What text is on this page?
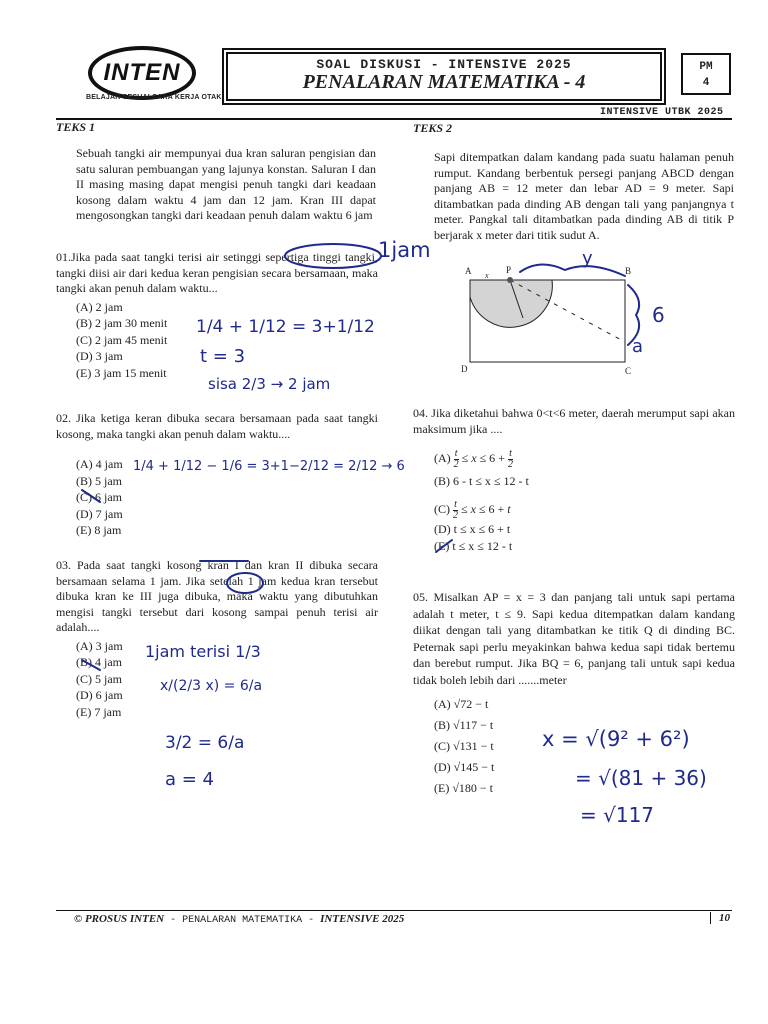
INTEN
BELAJAR SESUAI CARA KERJA OTAK
SOAL DISKUSI - INTENSIVE 2025
PENALARAN MATEMATIKA - 4
PM
4
INTENSIVE UTBK 2025
TEKS 1

Sebuah tangki air mempunyai dua kran saluran pengisian dan satu saluran pembuangan yang lajunya konstan. Saluran I dan II masing masing dapat mengisi penuh tangki dari keadaan kosong dalam waktu 4 jam dan 12 jam. Kran III dapat mengosongkan tangki dari keadaan penuh dalam waktu 6 jam

01.Jika pada saat tangki terisi air setinggi sepertiga tinggi tangki, tangki diisi air dari kedua keran pengisian secara bersamaan, maka tangki akan penuh dalam waktu...
(A) 2 jam
(B) 2 jam 30 menit
(C) 2 jam 45 menit
(D) 3 jam
(E) 3 jam 15 menit
02. Jika ketiga keran dibuka secara bersamaan pada saat tangki kosong, maka tangki akan penuh dalam waktu....
(A) 4 jam
(B) 5 jam
(C) 6 jam
(D) 7 jam
(E) 8 jam
03. Pada saat tangki kosong kran I dan kran II dibuka secara bersamaan selama 1 jam. Jika setelah 1 jam kedua kran tersebut dibuka kran ke III juga dibuka, maka waktu yang dibutuhkan mengisi tangki tersebut dari kosong sampai penuh terisi air adalah....
(A) 3 jam
(B) 4 jam
(C) 5 jam
(D) 6 jam
(E) 7 jam
TEKS 2

Sapi ditempatkan dalam kandang pada suatu halaman penuh rumput. Kandang berbentuk persegi panjang ABCD dengan panjang AB = 12 meter dan lebar AD = 9 meter. Sapi ditambatkan pada dinding AB dengan tali yang panjangnya t meter. Pangkal tali ditambatkan pada dinding AB di titik P berjarak x meter dari titik sudut A.

A x
P	B
D	C
04. Jika diketahui bahwa 0<t<6 meter, daerah merumput sapi akan maksimum jika ....
$(A) \frac{t}{2} \le x \le 6 + \frac{t}{2}$
(B) 6 - t ≤ x ≤ 12 - t
$(C) \frac{t}{2} \le x \le 6 + t$
(D) t ≤ x ≤ 6 + t
(E) t ≤ x ≤ 12 - t
05. Misalkan AP = x = 3 dan panjang tali untuk sapi pertama adalah t meter, t ≤ 9. Sapi kedua ditempatkan dalam kandang diikat dengan tali yang ditambatkan ke titik Q di dinding BC. Peternak sapi perlu meyakinkan bahwa kedua sapi tidak bertemu dan berebut rumput. Jika BQ = 6, panjang tali untuk sapi kedua tidak boleh lebih dari .......meter
(A) √72 − t
(B) √117 − t
(C) √131 − t
(D) √145 − t
(E) √180 − t
1jam
1/4 + 1/12 = 3+1/12
t = 3
sisa 2/3 → 2 jam
1/4 + 1/12 − 1/6 = 3+1−2/12 = 2/12 → 6
1jam terisi 1/3
x/(2/3 x) = 6/a
3/2 = 6/a
a = 4
y
6
a
x = √(9² + 6²)
= √(81 + 36)
= √117
© PROSUS INTEN - PENALARAN MATEMATIKA - INTENSIVE 2025	10
